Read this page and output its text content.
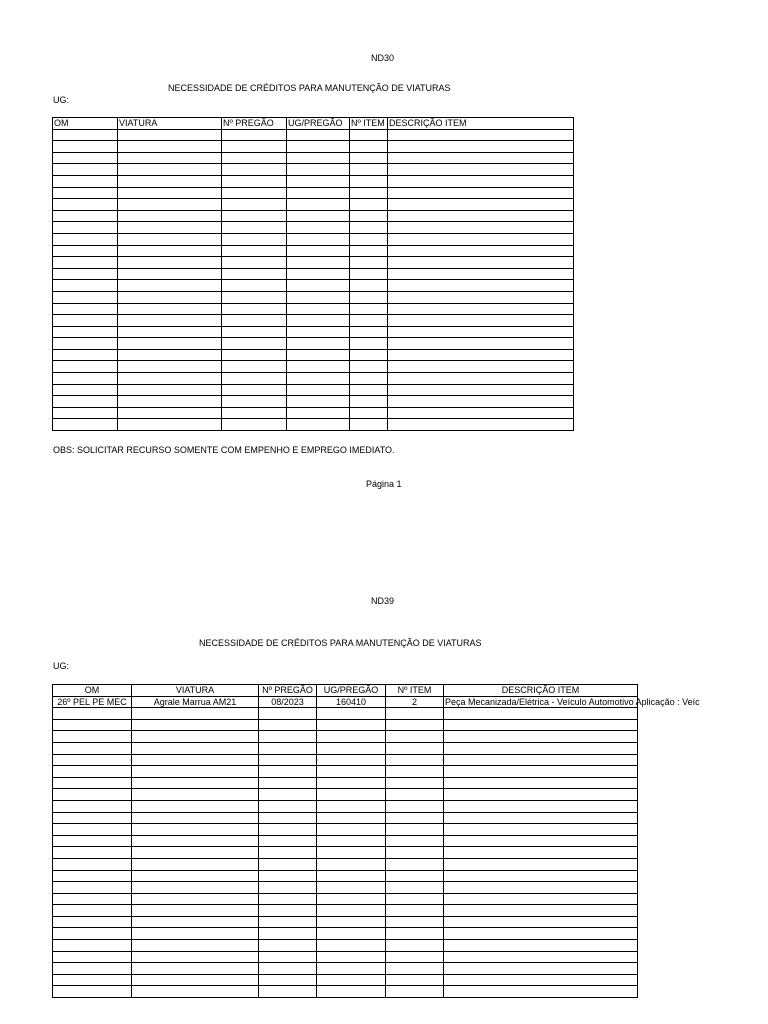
ND30
NECESSIDADE DE CRÉDITOS PARA MANUTENÇÃO DE VIATURAS
UG:
OM	VIATURA	Nº PREGÃO	UG/PREGÃO	Nº ITEM	DESCRIÇÃO ITEM

OBS: SOLICITAR RECURSO SOMENTE COM EMPENHO E EMPREGO IMEDIATO.
Página 1
ND39
NECESSIDADE DE CRÉDITOS PARA MANUTENÇÃO DE VIATURAS
UG:
OM	VIATURA	Nº PREGÃO	UG/PREGÃO	Nº ITEM	DESCRIÇÃO ITEM
26º PEL PE MEC	Agrale Marrua AM21	08/2023	160410	2	Peça Mecanizada/Elétrica - Veículo Automotivo Aplicação : Veíc
